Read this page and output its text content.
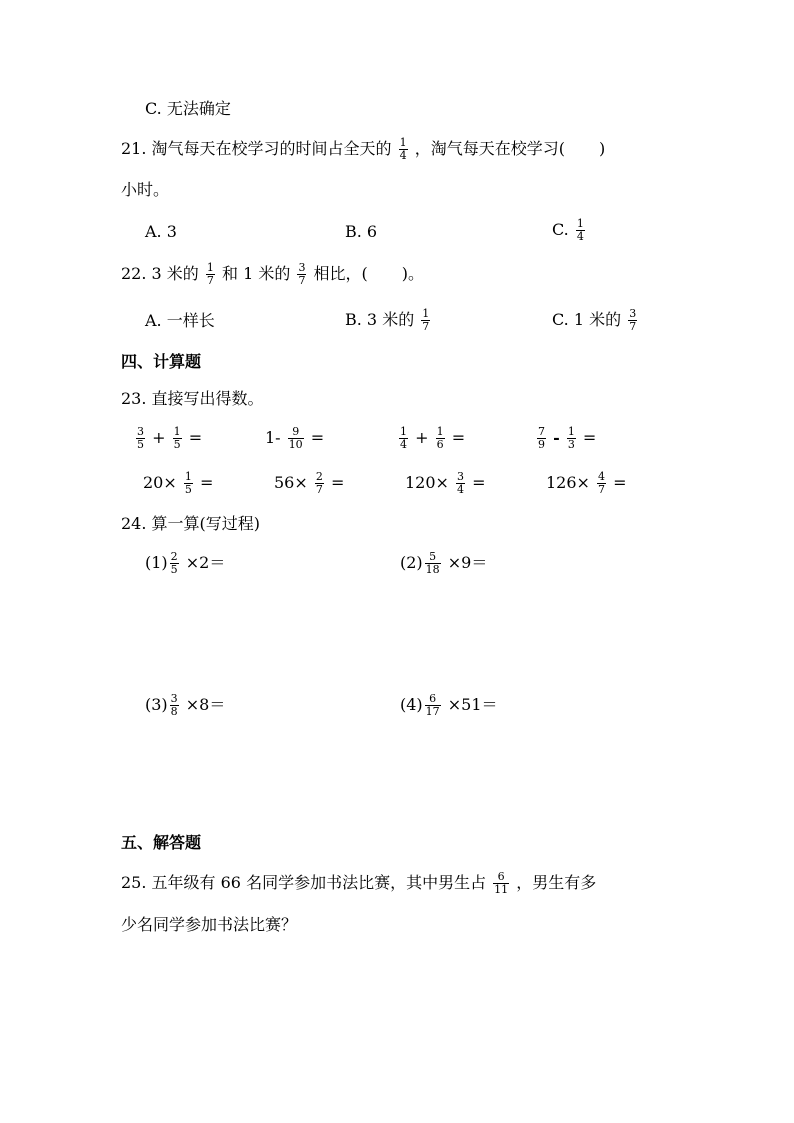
C. 无法确定
21. 淘气每天在校学习的时间占全天的 $\frac{1}{4}$ ，淘气每天在校学习( )
小时。
A. 3	B. 6	C. $\frac{1}{4}$
22. 3 米的 $\frac{1}{7}$ 和 1 米的 $\frac{3}{7}$ 相比，( )。
A. 一样长	B. 3 米的 $\frac{1}{7}$	C. 1 米的 $\frac{3}{7}$
四、计算题
23. 直接写出得数。
$\frac{3}{5} + \frac{1}{5}$ =	$1- \frac{9}{10}$ =	$\frac{1}{4} + \frac{1}{6}$ =	$\frac{7}{9} - \frac{1}{3}$ =
$20\times \frac{1}{5}$ =	$56\times \frac{2}{7}$ =	$120\times \frac{3}{4}$ =	$126\times \frac{4}{7}$ =
24. 算一算(写过程)
$(1) \frac{2}{5} \times 2=$	$(2) \frac{5}{18} \times 9=$
$(3) \frac{3}{8} \times 8=$	$(4) \frac{6}{17} \times 51=$
五、解答题
25. 五年级有 66 名同学参加书法比赛，其中男生占 $\frac{6}{11}$ ，男生有多
少名同学参加书法比赛？
